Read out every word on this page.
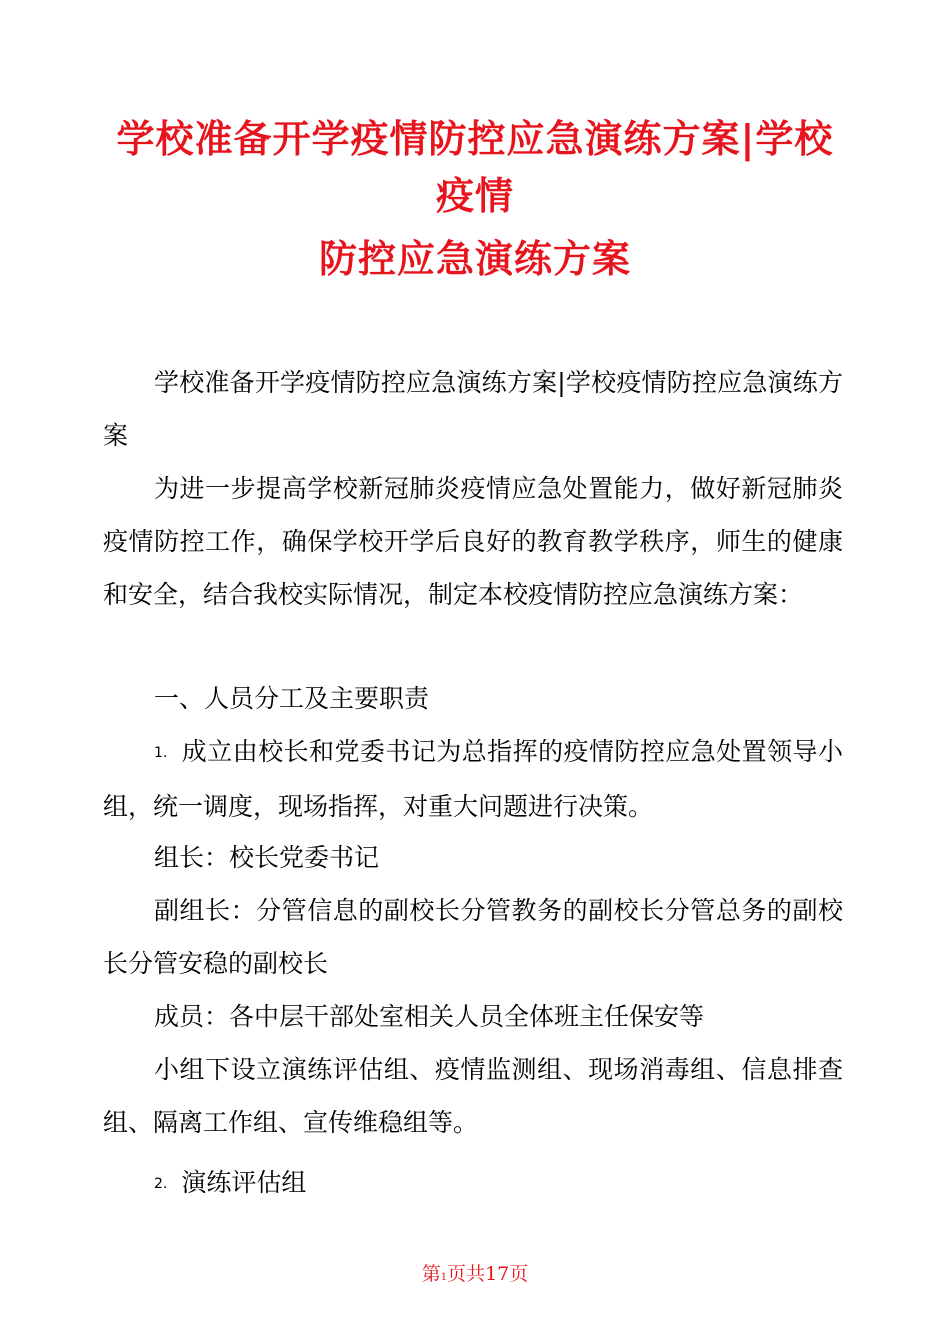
学校准备开学疫情防控应急演练方案|学校
疫情
防控应急演练方案

学校准备开学疫情防控应急演练方案|学校疫情防控应急演练方案

为进一步提高学校新冠肺炎疫情应急处置能力，做好新冠肺炎疫情防控工作，确保学校开学后良好的教育教学秩序，师生的健康和安全，结合我校实际情况，制定本校疫情防控应急演练方案：

一、人员分工及主要职责

1. 成立由校长和党委书记为总指挥的疫情防控应急处置领导小组，统一调度，现场指挥，对重大问题进行决策。

组长：校长党委书记

副组长：分管信息的副校长分管教务的副校长分管总务的副校长分管安稳的副校长

成员：各中层干部处室相关人员全体班主任保安等

小组下设立演练评估组、疫情监测组、现场消毒组、信息排查组、隔离工作组、宣传维稳组等。

2. 演练评估组

第1页共17页
